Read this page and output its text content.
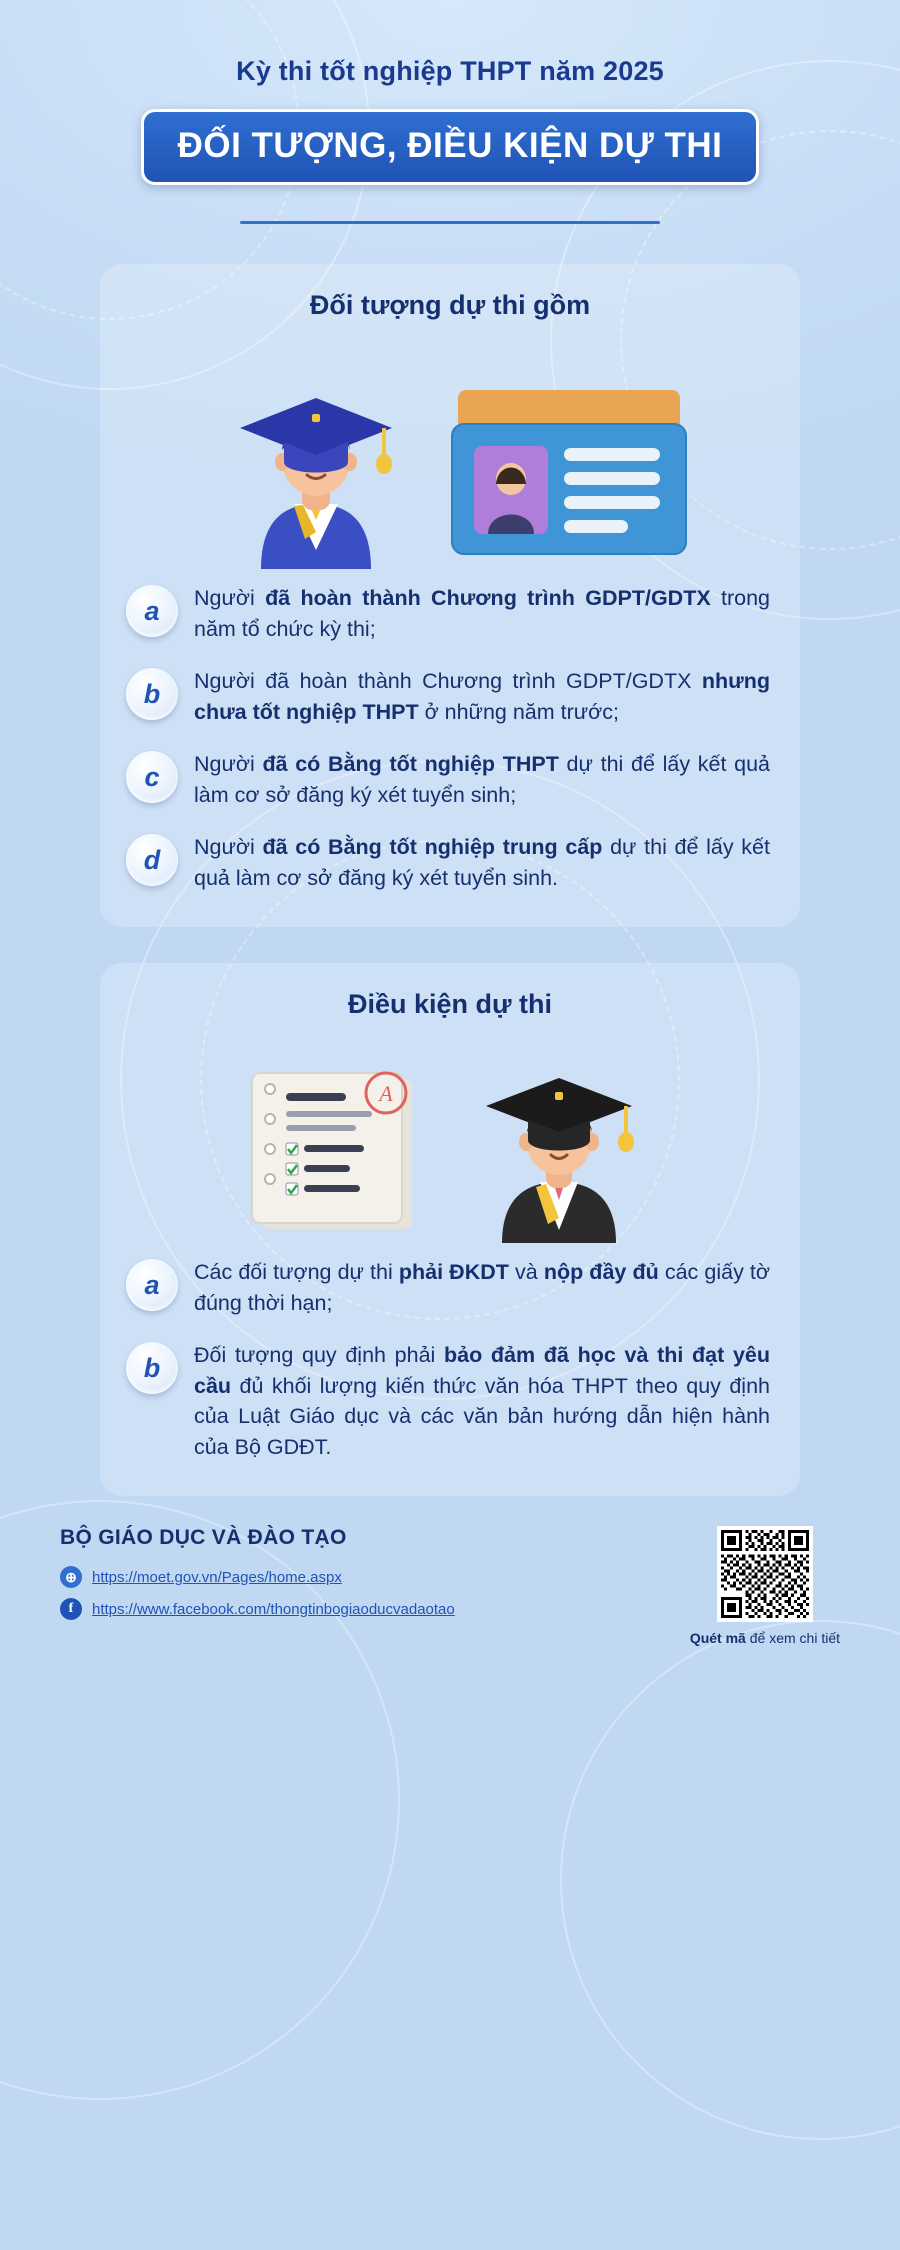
Kỳ thi tốt nghiệp THPT năm 2025
ĐỐI TƯỢNG, ĐIỀU KIỆN DỰ THI
Đối tượng dự thi gồm
a	Người đã hoàn thành Chương trình GDPT/GDTX trong năm tổ chức kỳ thi;
b	Người đã hoàn thành Chương trình GDPT/GDTX nhưng chưa tốt nghiệp THPT ở những năm trước;
c	Người đã có Bằng tốt nghiệp THPT dự thi để lấy kết quả làm cơ sở đăng ký xét tuyển sinh;
d	Người đã có Bằng tốt nghiệp trung cấp dự thi để lấy kết quả làm cơ sở đăng ký xét tuyển sinh.
Điều kiện dự thi
A
a	Các đối tượng dự thi phải ĐKDT và nộp đầy đủ các giấy tờ đúng thời hạn;
b	Đối tượng quy định phải bảo đảm đã học và thi đạt yêu cầu đủ khối lượng kiến thức văn hóa THPT theo quy định của Luật Giáo dục và các văn bản hướng dẫn hiện hành của Bộ GDĐT.
BỘ GIÁO DỤC VÀ ĐÀO TẠO
⊕	https://moet.gov.vn/Pages/home.aspx
f	https://www.facebook.com/thongtinbogiaoducvadaotao
Quét mã để xem chi tiết
